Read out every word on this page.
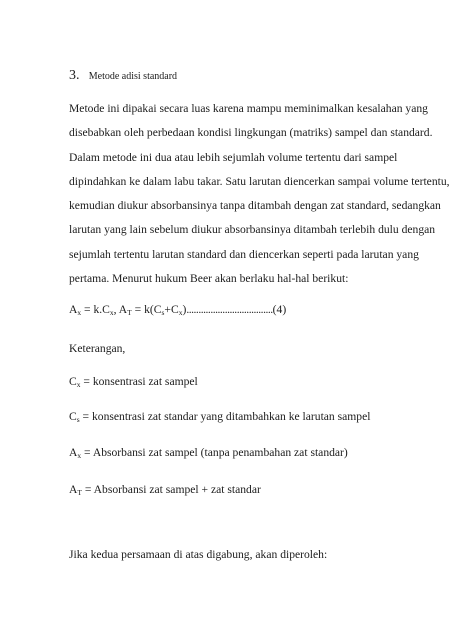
3. Metode adisi standard

Metode ini dipakai secara luas karena mampu meminimalkan kesalahan yang
disebabkan oleh perbedaan kondisi lingkungan (matriks) sampel dan standard.
Dalam metode ini dua atau lebih sejumlah volume tertentu dari sampel
dipindahkan ke dalam labu takar. Satu larutan diencerkan sampai volume tertentu,
kemudian diukur absorbansinya tanpa ditambah dengan zat standard, sedangkan
larutan yang lain sebelum diukur absorbansinya ditambah terlebih dulu dengan
sejumlah tertentu larutan standard dan diencerkan seperti pada larutan yang
pertama. Menurut hukum Beer akan berlaku hal-hal berikut:

$A_x = k.C_x$, $A_T = k(C_s+C_x)....................................(4)$
Keterangan,
$C_x$ = konsentrasi zat sampel
$C_s$ = konsentrasi zat standar yang ditambahkan ke larutan sampel
$A_x$ = Absorbansi zat sampel (tanpa penambahan zat standar)
$A_T$ = Absorbansi zat sampel + zat standar
Jika kedua persamaan di atas digabung, akan diperoleh:
